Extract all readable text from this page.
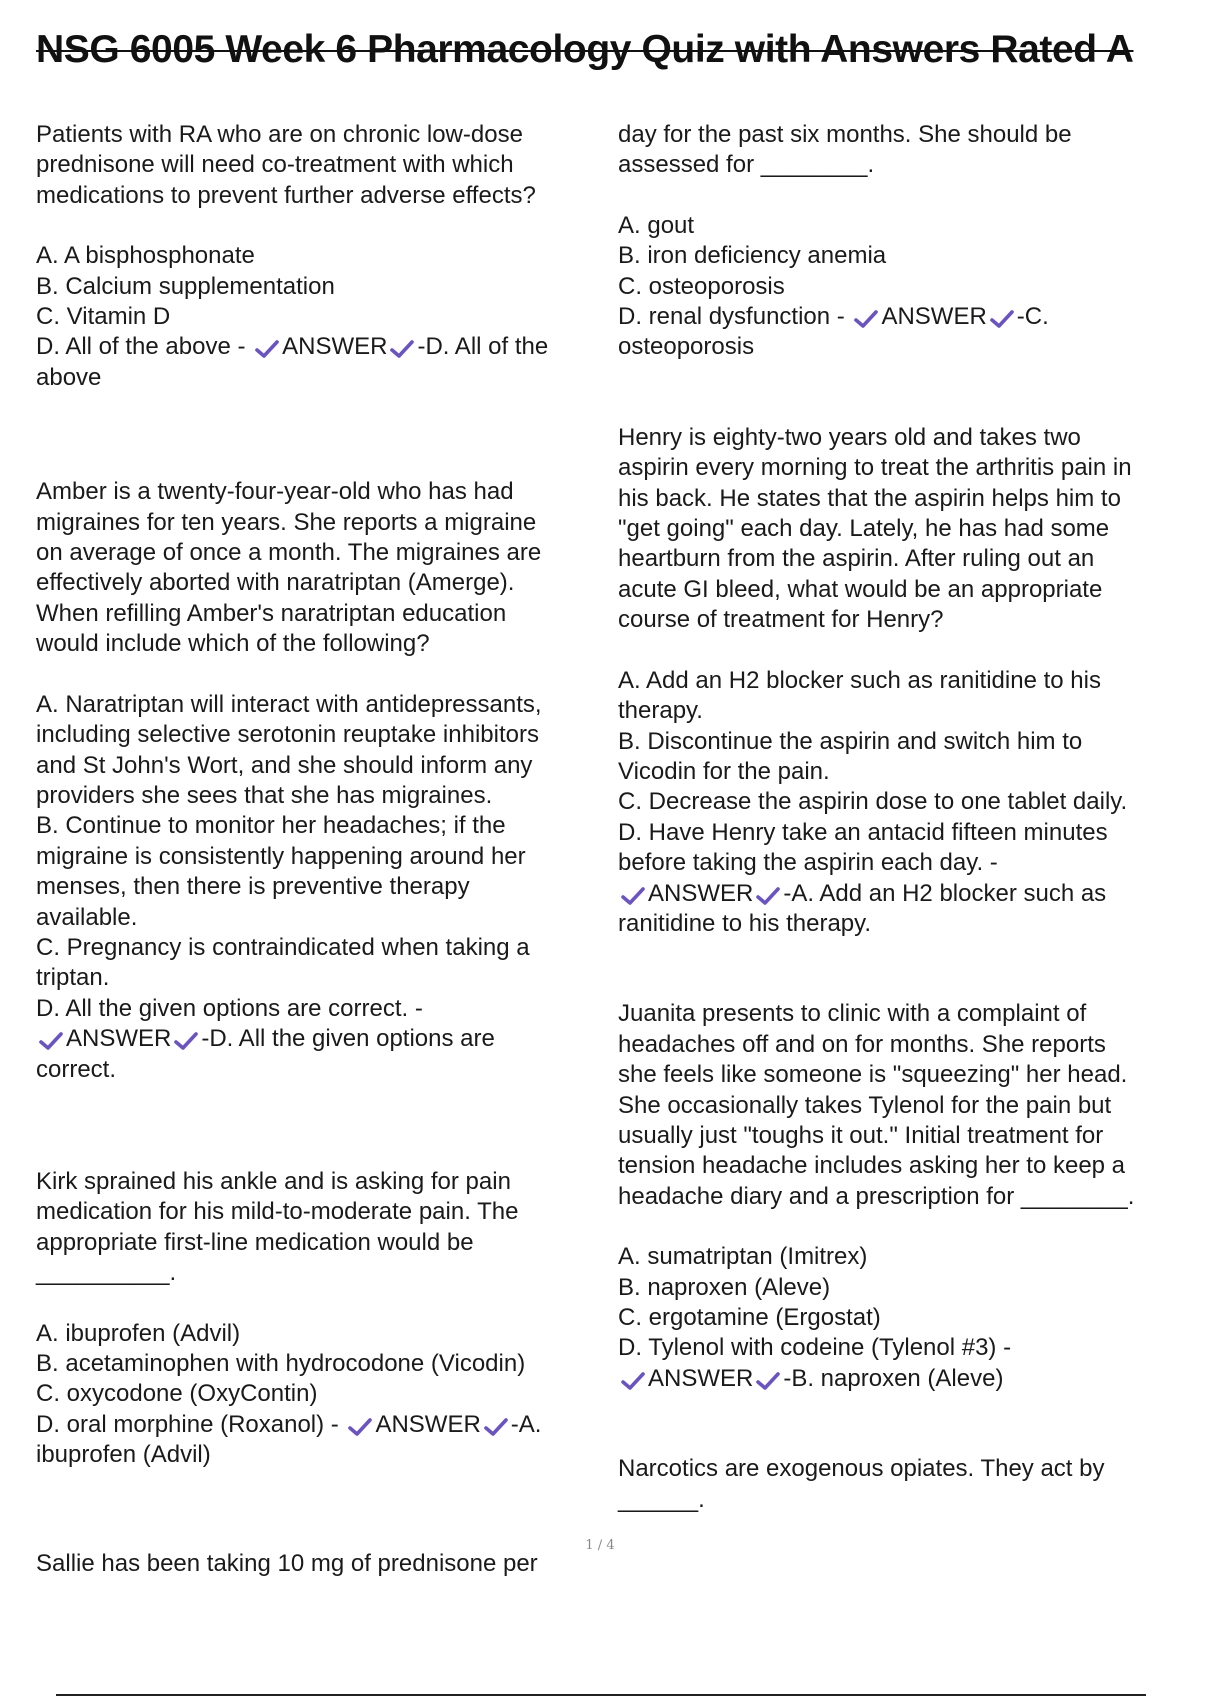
NSG 6005 Week 6 Pharmacology Quiz with Answers Rated A

Patients with RA who are on chronic low-dose

prednisone will need co-treatment with which

medications to prevent further adverse effects?

A. A bisphosphonate

B. Calcium supplementation

C. Vitamin D

D. All of the above -
ANSWER -D. All of the

above

Amber is a twenty-four-year-old who has had

migraines for ten years. She reports a migraine

on average of once a month. The migraines are

effectively aborted with naratriptan (Amerge).

When refilling Amber's naratriptan education

would include which of the following?

A. Naratriptan will interact with antidepressants,

including selective serotonin reuptake inhibitors

and St John's Wort, and she should inform any

providers she sees that she has migraines.

B. Continue to monitor her headaches; if the

migraine is consistently happening around her

menses, then there is preventive therapy

available.

C. Pregnancy is contraindicated when taking a

triptan.

D. All the given options are correct. -

ANSWER -D. All the given options are

correct.

Kirk sprained his ankle and is asking for pain

medication for his mild-to-moderate pain. The

appropriate first-line medication would be

__________.

A. ibuprofen (Advil)

B. acetaminophen with hydrocodone (Vicodin)

C. oxycodone (OxyContin)

D. oral morphine (Roxanol) -
ANSWER -A.

ibuprofen (Advil)

Sallie has been taking 10 mg of prednisone per

day for the past six months. She should be

assessed for ________.

A. gout

B. iron deficiency anemia

C. osteoporosis

D. renal dysfunction -
ANSWER -C.

osteoporosis

Henry is eighty-two years old and takes two

aspirin every morning to treat the arthritis pain in

his back. He states that the aspirin helps him to

"get going" each day. Lately, he has had some

heartburn from the aspirin. After ruling out an

acute GI bleed, what would be an appropriate

course of treatment for Henry?

A. Add an H2 blocker such as ranitidine to his

therapy.

B. Discontinue the aspirin and switch him to

Vicodin for the pain.

C. Decrease the aspirin dose to one tablet daily.

D. Have Henry take an antacid fifteen minutes

before taking the aspirin each day. -

ANSWER -A. Add an H2 blocker such as

ranitidine to his therapy.

Juanita presents to clinic with a complaint of

headaches off and on for months. She reports

she feels like someone is "squeezing" her head.

She occasionally takes Tylenol for the pain but

usually just "toughs it out." Initial treatment for

tension headache includes asking her to keep a

headache diary and a prescription for ________.

A. sumatriptan (Imitrex)

B. naproxen (Aleve)

C. ergotamine (Ergostat)

D. Tylenol with codeine (Tylenol #3) -

ANSWER -B. naproxen (Aleve)

Narcotics are exogenous opiates. They act by

______.

1 / 4
